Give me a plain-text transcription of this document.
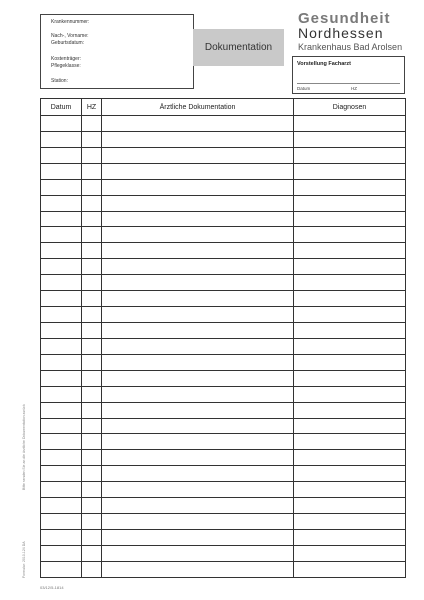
Krankennummer:
Nach-, Vorname:
Geburtsdatum:
Kostenträger:
Pflegeklasse:
Station:
Dokumentation
Gesundheit
Nordhessen
Krankenhaus Bad Arolsen
Vorstellung Facharzt
Datum	HZ
Bitte senden Sie an die ärztliche Dokumentation zurück
Formular: 2010-124 DA
Datum	HZ	Ärztliche Dokumentation	Diagnosen

03/12/5-1814
